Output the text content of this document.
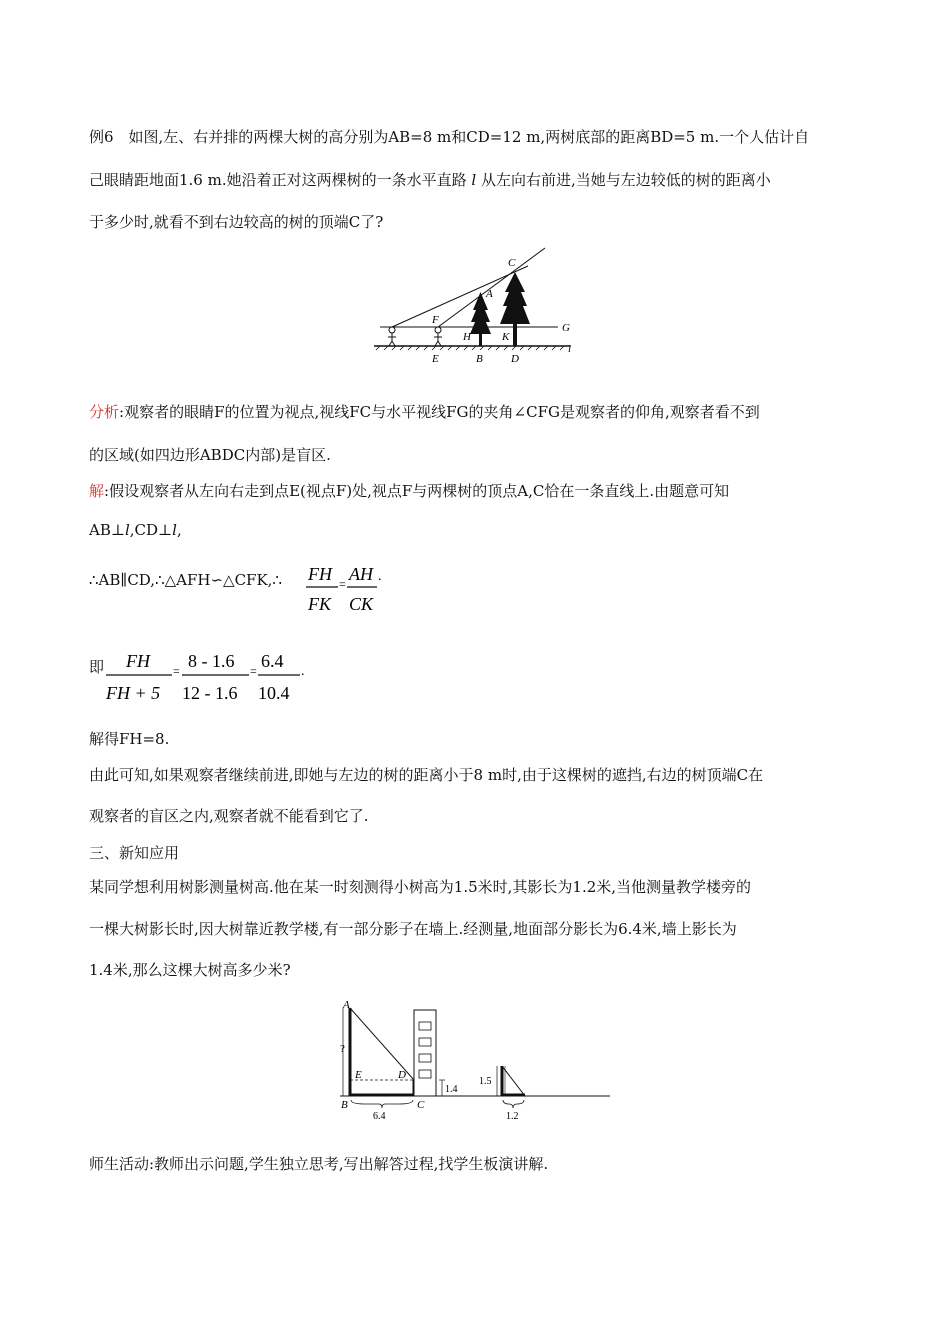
例6　如图,左、右并排的两棵大树的高分别为AB=8 m和CD=12 m,两树底部的距离BD=5 m.一个人估计自
己眼睛距地面1.6 m.她沿着正对这两棵树的一条水平直路 l 从左向右前进,当她与左边较低的树的距离小
于多少时,就看不到右边较高的树的顶端C了?
C
A
F
H	K
G
E	B	D
l
分析:观察者的眼睛F的位置为视点,视线FC与水平视线FG的夹角∠CFG是观察者的仰角,观察者看不到
的区域(如四边形ABDC内部)是盲区.
解:假设观察者从左向右走到点E(视点F)处,视点F与两棵树的顶点A,C恰在一条直线上.由题意可知
AB⊥l,CD⊥l,
∴AB∥CD,∴△AFH∽△CFK,∴ FH
FK
= AH
CK
.
即 FH
FH + 5
= 8 - 1.6
12 - 1.6
= 6.4
10.4
.
解得FH=8.
由此可知,如果观察者继续前进,即她与左边的树的距离小于8 m时,由于这棵树的遮挡,右边的树顶端C在
观察者的盲区之内,观察者就不能看到它了.
三、新知应用
某同学想利用树影测量树高.他在某一时刻测得小树高为1.5米时,其影长为1.2米,当他测量教学楼旁的
一棵大树影长时,因大树靠近教学楼,有一部分影子在墙上.经测量,地面部分影长为6.4米,墙上影长为
1.4米,那么这棵大树高多少米?
A
?
E	D
B	C
6.4
1.4
1.5
1.2
师生活动:教师出示问题,学生独立思考,写出解答过程,找学生板演讲解.
